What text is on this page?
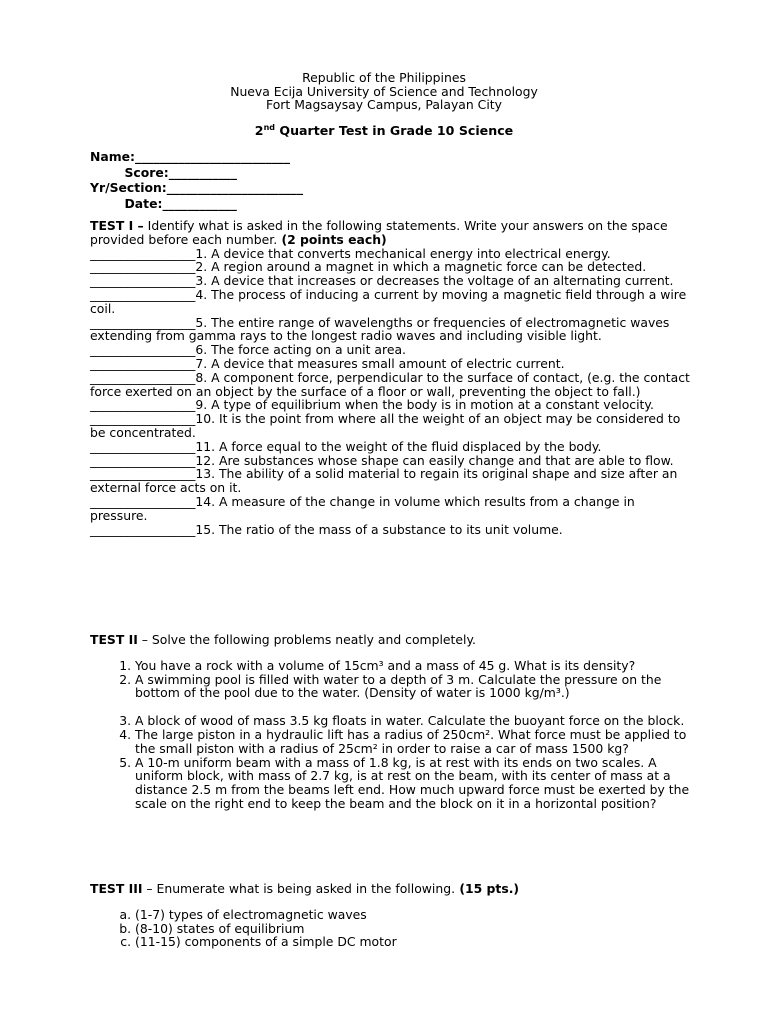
Republic of the Philippines
Nueva Ecija University of Science and Technology
Fort Magsaysay Campus, Palayan City
2nd Quarter Test in Grade 10 Science
Name:_________________________
Score:___________
Yr/Section:______________________
Date:____________
TEST I – Identify what is asked in the following statements. Write your answers on the space provided before each number. (2 points each)
_________________1. A device that converts mechanical energy into electrical energy.
_________________2. A region around a magnet in which a magnetic force can be detected.
_________________3. A device that increases or decreases the voltage of an alternating current.
_________________4. The process of inducing a current by moving a magnetic field through a wire coil.
_________________5. The entire range of wavelengths or frequencies of electromagnetic waves extending from gamma rays to the longest radio waves and including visible light.
_________________6. The force acting on a unit area.
_________________7. A device that measures small amount of electric current.
_________________8. A component force, perpendicular to the surface of contact, (e.g. the contact force exerted on an object by the surface of a floor or wall, preventing the object to fall.)
_________________9. A type of equilibrium when the body is in motion at a constant velocity.
_________________10. It is the point from where all the weight of an object may be considered to be concentrated.
_________________11. A force equal to the weight of the fluid displaced by the body.
_________________12. Are substances whose shape can easily change and that are able to flow.
_________________13. The ability of a solid material to regain its original shape and size after an external force acts on it.
_________________14. A measure of the change in volume which results from a change in pressure.
_________________15. The ratio of the mass of a substance to its unit volume.
TEST II – Solve the following problems neatly and completely.
1. You have a rock with a volume of 15cm³ and a mass of 45 g. What is its density?
2. A swimming pool is filled with water to a depth of 3 m. Calculate the pressure on the bottom of the pool due to the water. (Density of water is 1000 kg/m³.)
3. A block of wood of mass 3.5 kg floats in water. Calculate the buoyant force on the block.
4. The large piston in a hydraulic lift has a radius of 250cm². What force must be applied to the small piston with a radius of 25cm² in order to raise a car of mass 1500 kg?
5. A 10-m uniform beam with a mass of 1.8 kg, is at rest with its ends on two scales. A uniform block, with mass of 2.7 kg, is at rest on the beam, with its center of mass at a distance 2.5 m from the beams left end. How much upward force must be exerted by the scale on the right end to keep the beam and the block on it in a horizontal position?
TEST III – Enumerate what is being asked in the following. (15 pts.)
a. (1-7) types of electromagnetic waves
b. (8-10) states of equilibrium
c. (11-15) components of a simple DC motor
